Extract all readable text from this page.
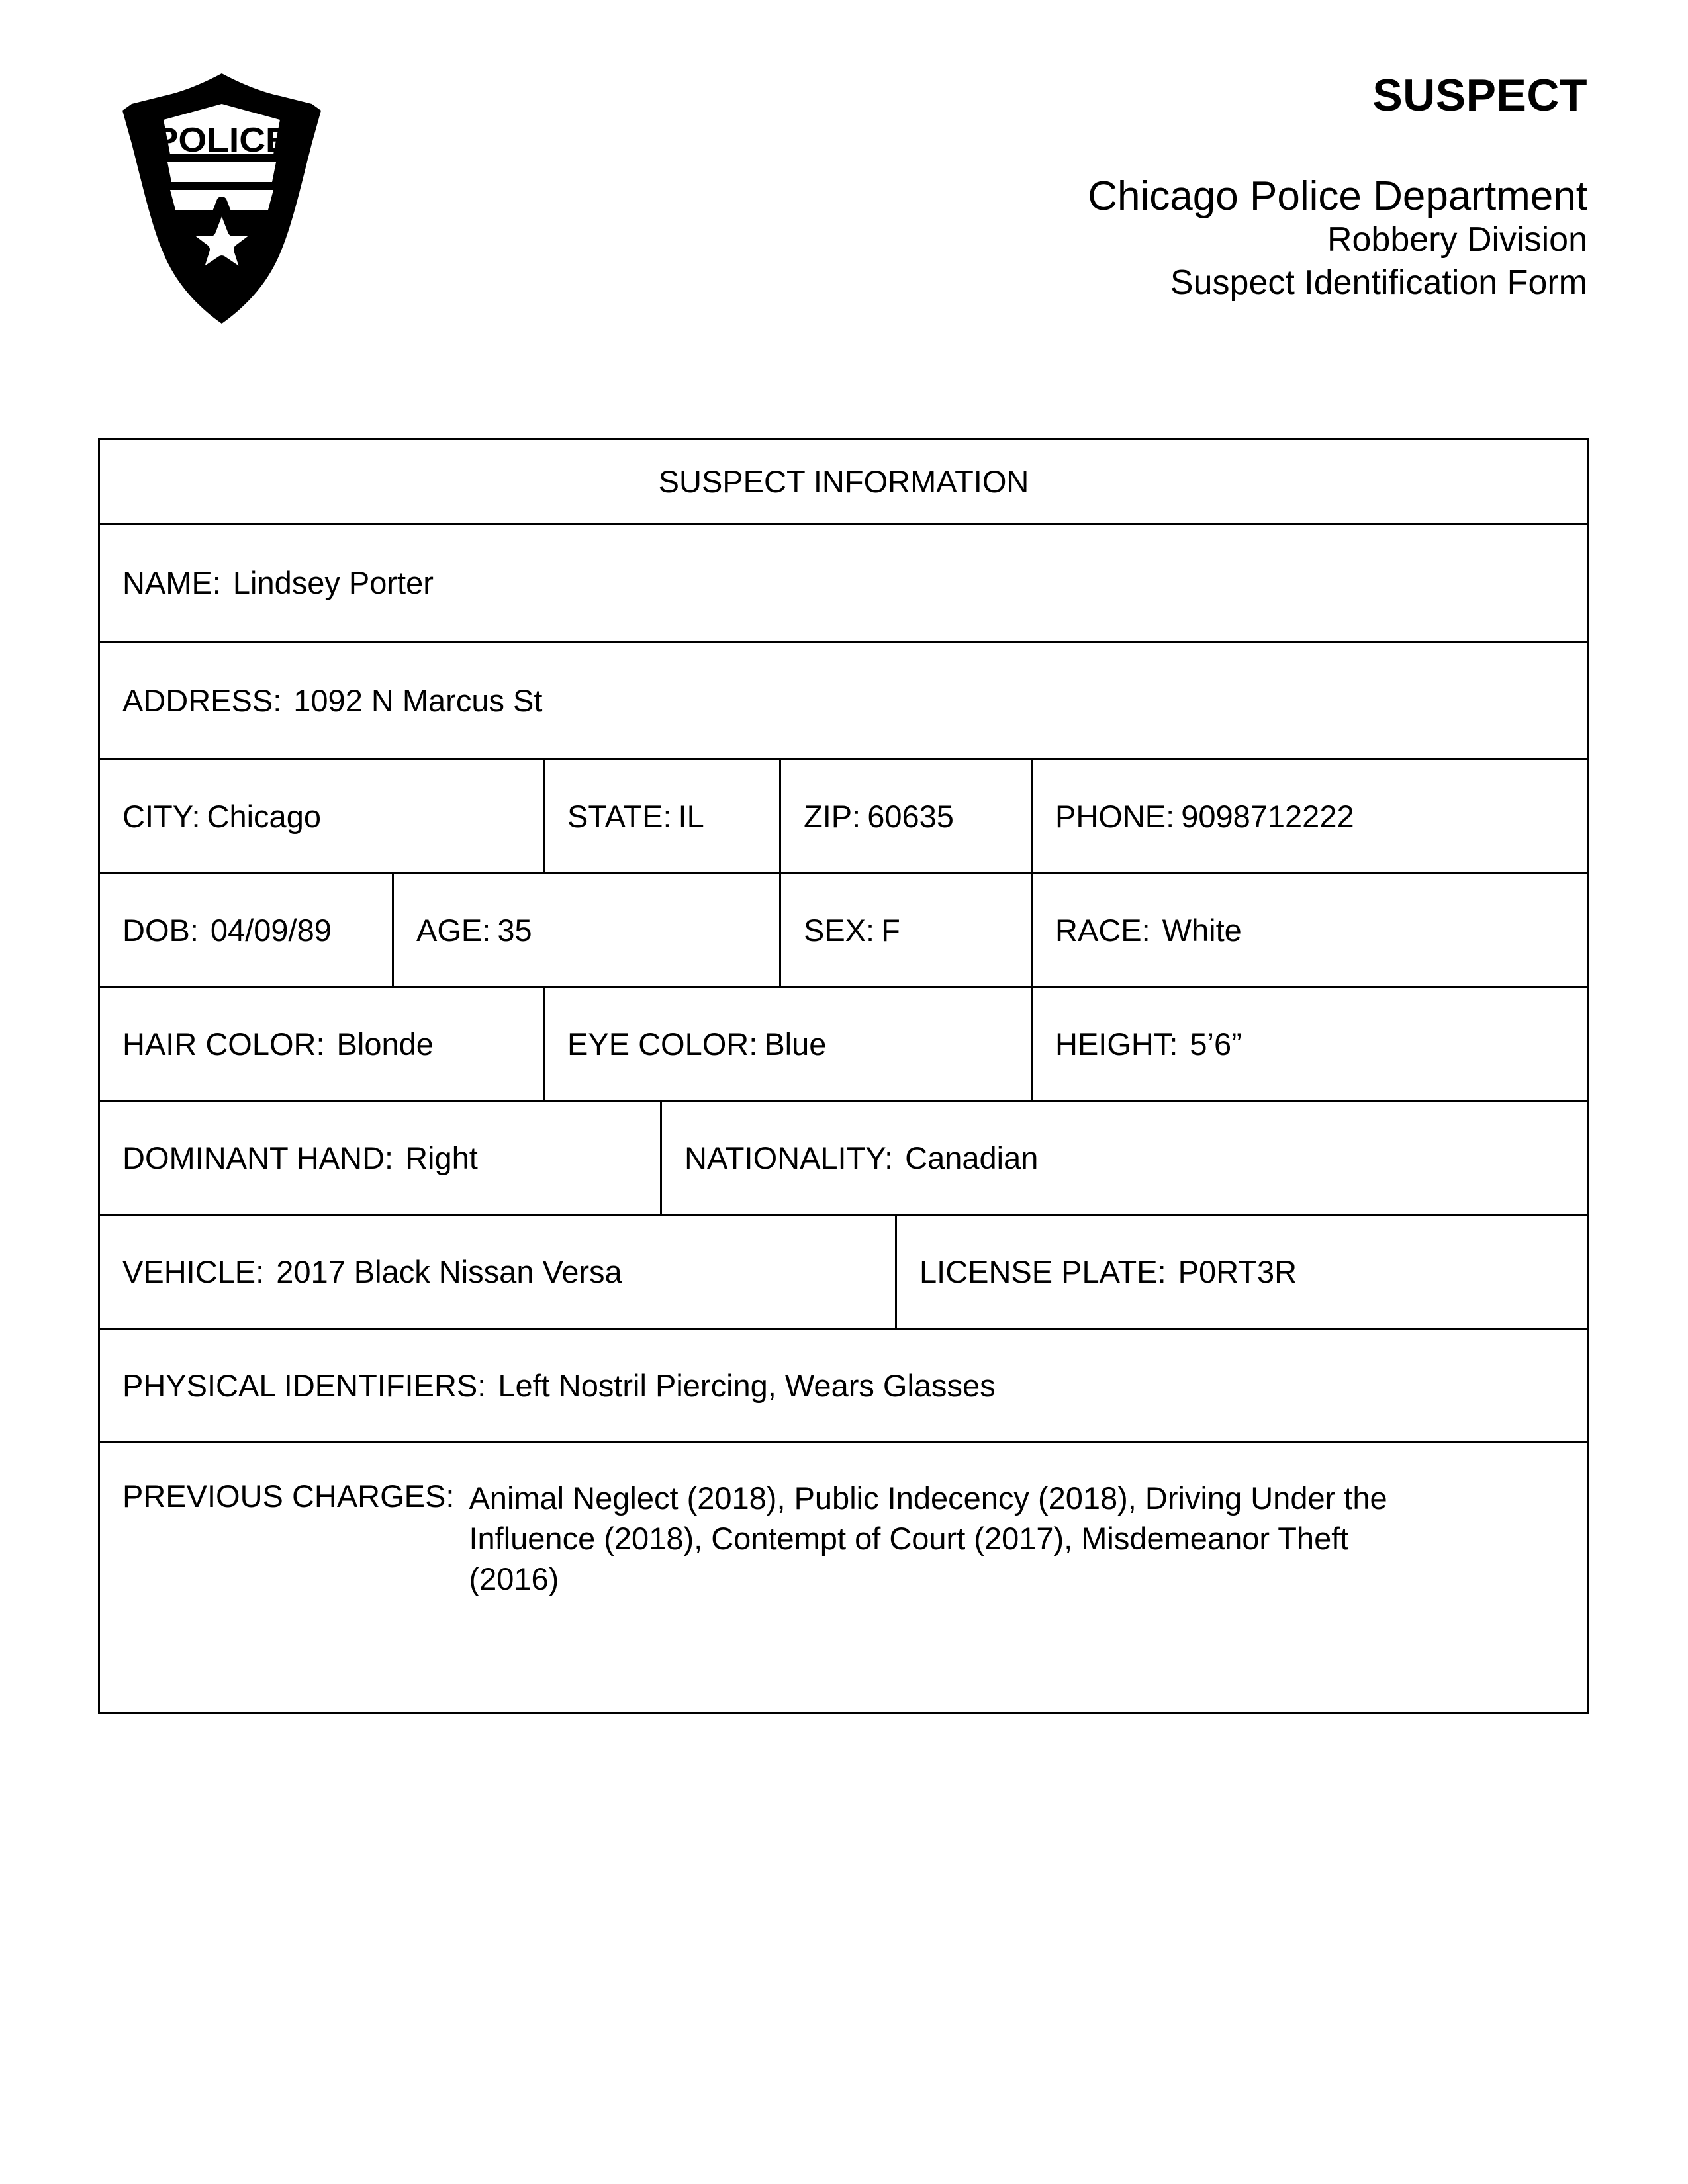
POLICE
SUSPECT
Chicago Police Department
Robbery Division
Suspect Identification Form
SUSPECT INFORMATION						
NAME: Lindsey Porter						
ADDRESS: 1092 N Marcus St						
CITY: Chicago		STATE: IL		ZIP: 60635		PHONE: 9098712222
DOB: 04/09/89	AGE: 35			SEX: F		RACE: White
HAIR COLOR: Blonde		EYE COLOR: Blue				HEIGHT: 5’6”
DOMINANT HAND: Right			NATIONALITY: Canadian			
VEHICLE: 2017 Black Nissan Versa					LICENSE PLATE: P0RT3R	
PHYSICAL IDENTIFIERS: Left Nostril Piercing, Wears Glasses						

PREVIOUS CHARGES: Animal Neglect (2018), Public Indecency (2018), Driving Under the Influence (2018), Contempt of Court (2017), Misdemeanor Theft (2016)						
